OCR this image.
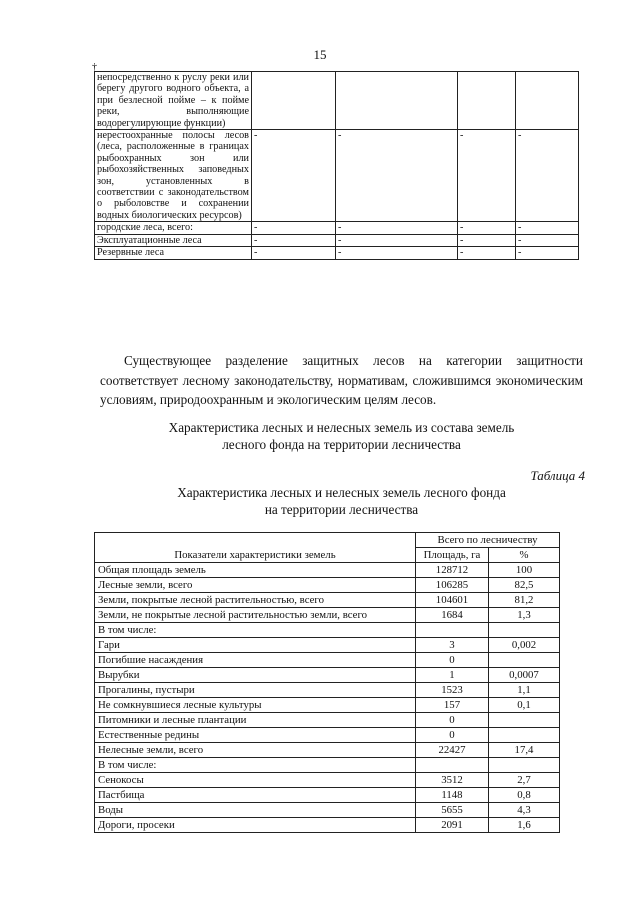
15
†
непосредственно к руслу реки или берегу другого водного объекта, а при безлесной пойме – к пойме реки, выполняющие водорегулирующие функции)				
нерестоохранные полосы лесов (леса, расположенные в границах рыбоохранных зон или рыбохозяйственных заповедных зон, установленных в соответствии с законодательством о рыболовстве и сохранении водных биологических ресурсов)	-	-	-	-
городские леса, всего:	-	-	-	-
Эксплуатационные леса	-	-	-	-
Резервные леса	-	-	-	-
Существующее разделение защитных лесов на категории защитности соответствует лесному законодательству, нормативам, сложившимся экономическим условиям, природоохранным и экологическим целям лесов.
Характеристика лесных и нелесных земель из состава земель
лесного фонда на территории лесничества
Таблица 4
Характеристика лесных и нелесных земель лесного фонда
на территории лесничества
Показатели характеристики земель	Всего по лесничеству	
	Площадь, га	%
Общая площадь земель	128712	100
Лесные земли, всего	106285	82,5
Земли, покрытые лесной растительностью, всего	104601	81,2
Земли, не покрытые лесной растительностью земли, всего	1684	1,3
В том числе:		
Гари	3	0,002
Погибшие насаждения	0	
Вырубки	1	0,0007
Прогалины, пустыри	1523	1,1
Не сомкнувшиеся лесные культуры	157	0,1
Питомники и лесные плантации	0	
Естественные редины	0	
Нелесные земли, всего	22427	17,4
В том числе:		
Сенокосы	3512	2,7
Пастбища	1148	0,8
Воды	5655	4,3
Дороги, просеки	2091	1,6
